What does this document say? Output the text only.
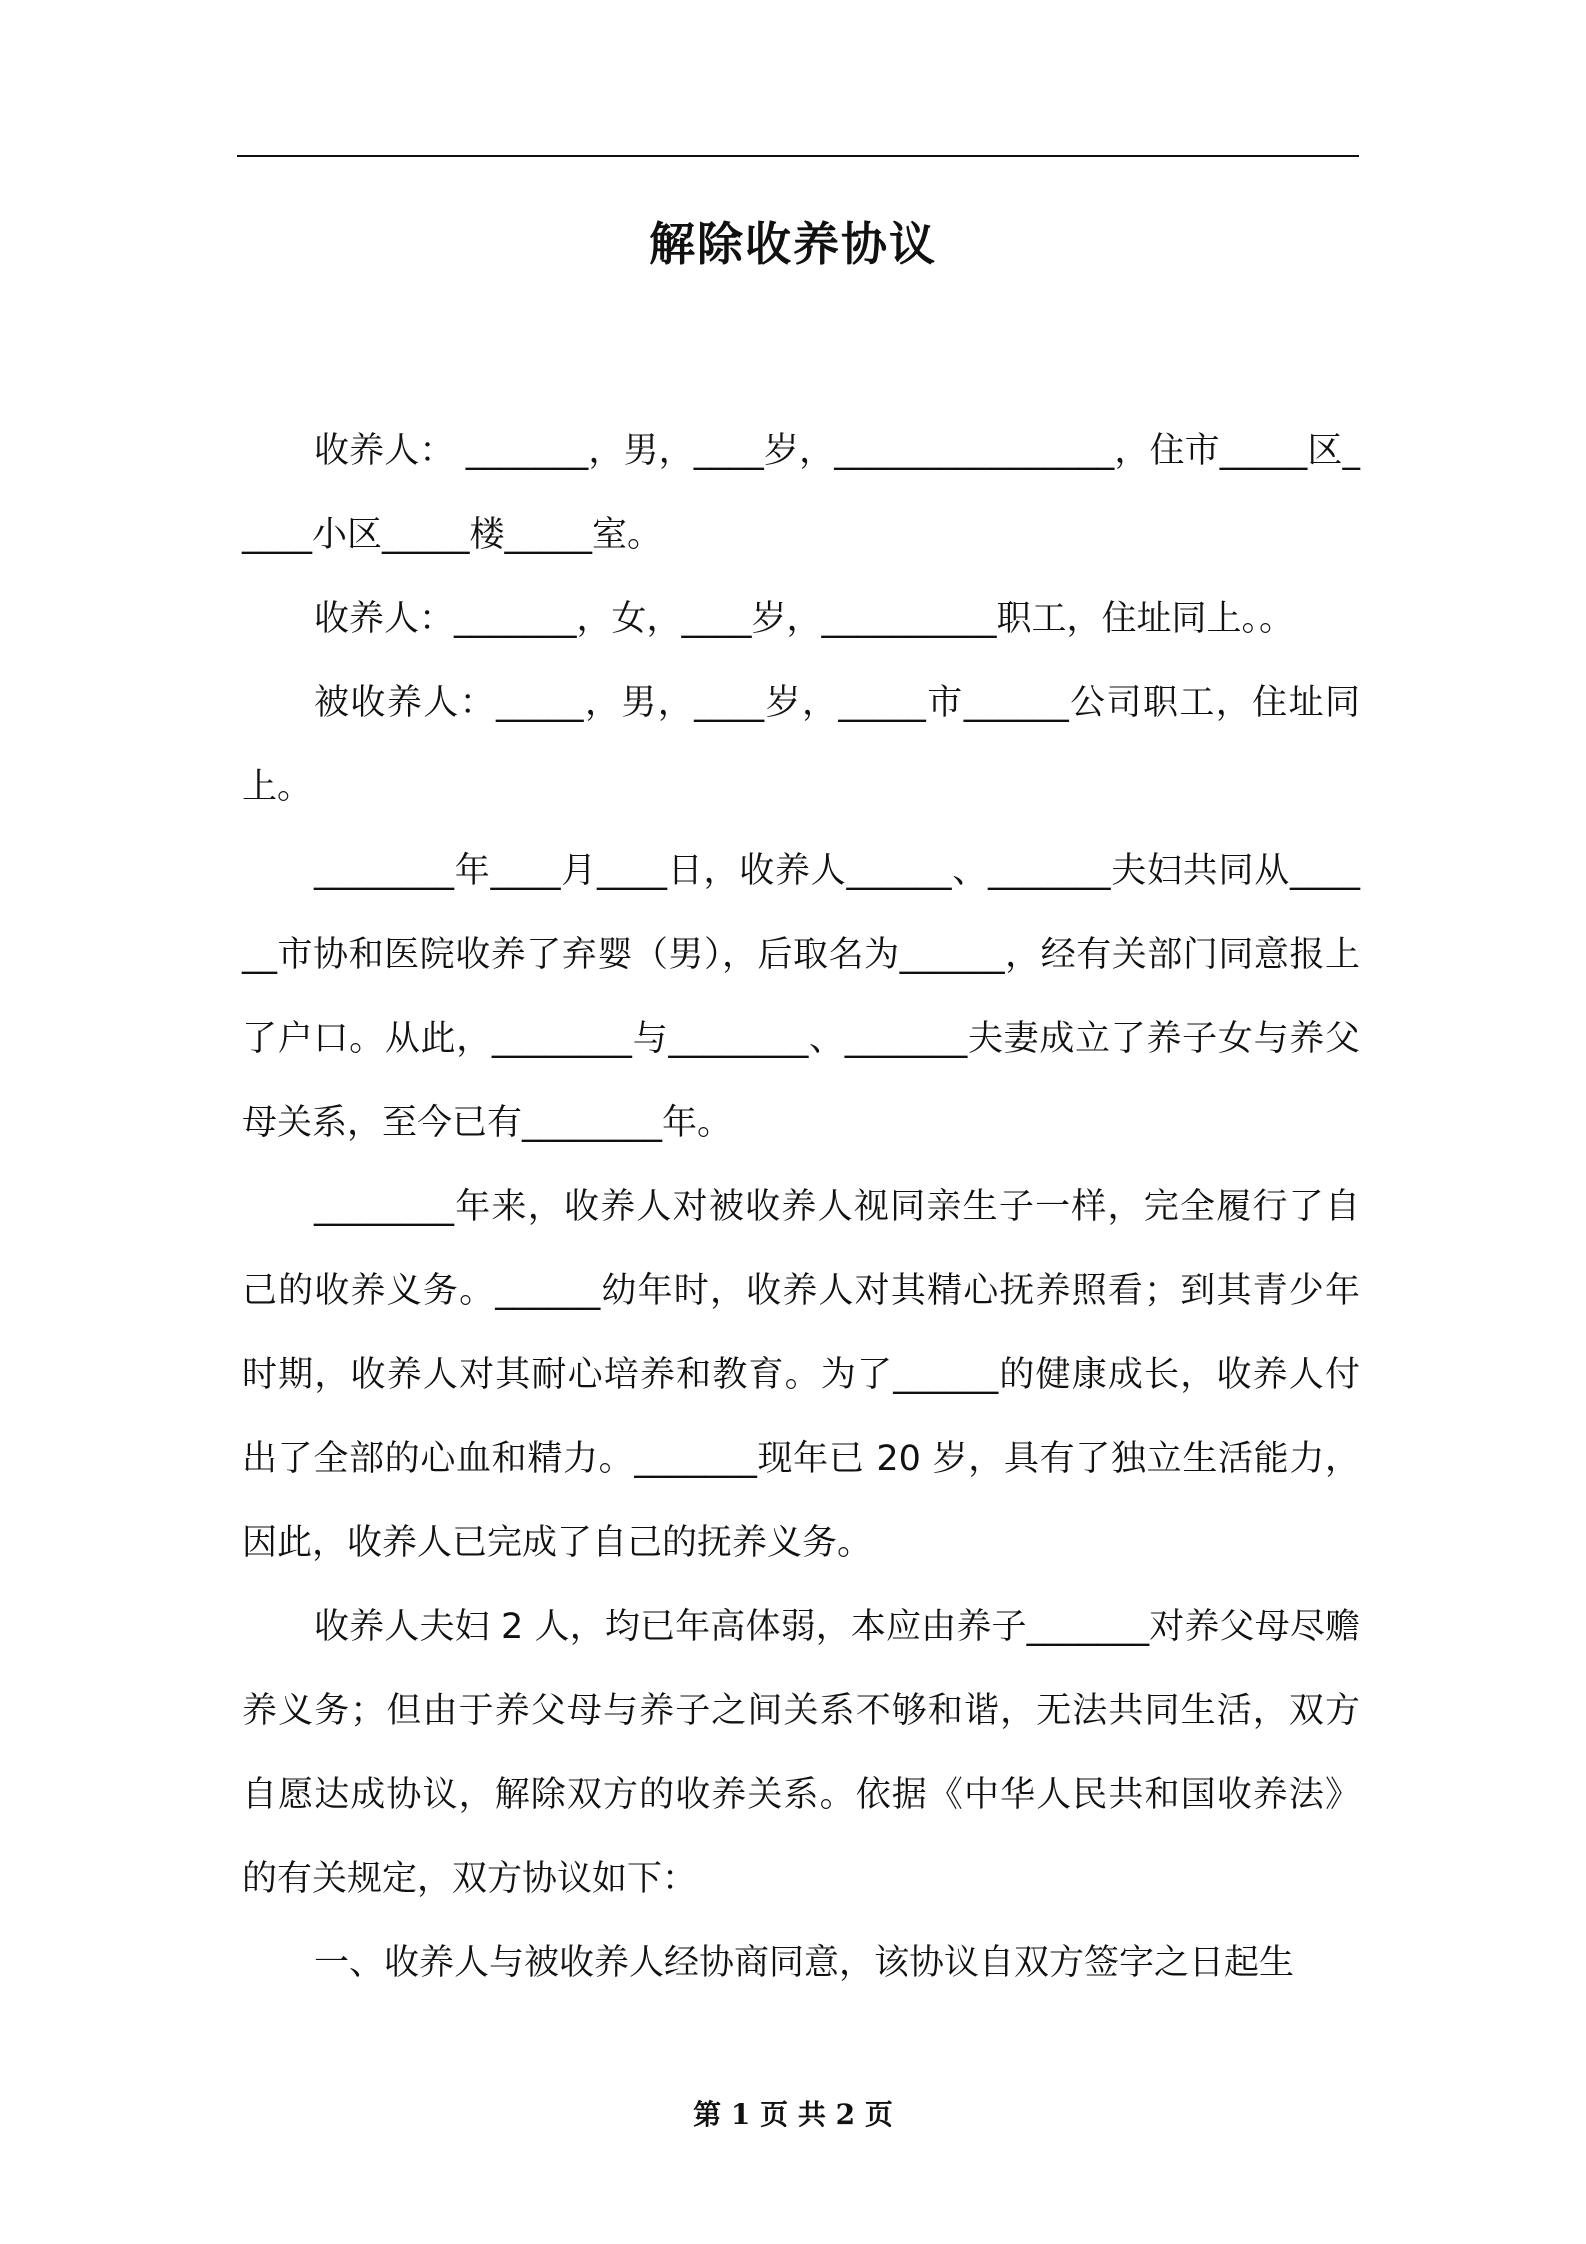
解除收养协议

收养人： _______，男，____岁，________________，住市_____区_____小区_____楼_____室。

收养人：_______，女，____岁，__________职工，住址同上。。

被收养人：_____，男，____岁，_____市______公司职工，住址同上。

________年____月____日，收养人______、_______夫妇共同从______市协和医院收养了弃婴（男），后取名为______，经有关部门同意报上了户口。从此，________与________、_______夫妻成立了养子女与养父母关系，至今已有________年。

________年来，收养人对被收养人视同亲生子一样，完全履行了自己的收养义务。______幼年时，收养人对其精心抚养照看；到其青少年时期，收养人对其耐心培养和教育。为了______的健康成长，收养人付出了全部的心血和精力。_______现年已 20 岁，具有了独立生活能力，因此，收养人已完成了自己的抚养义务。

收养人夫妇 2 人，均已年高体弱，本应由养子_______对养父母尽赡养义务；但由于养父母与养子之间关系不够和谐，无法共同生活，双方自愿达成协议，解除双方的收养关系。依据《中华人民共和国收养法》的有关规定，双方协议如下：

一、收养人与被收养人经协商同意，该协议自双方签字之日起生

第 1 页 共 2 页
